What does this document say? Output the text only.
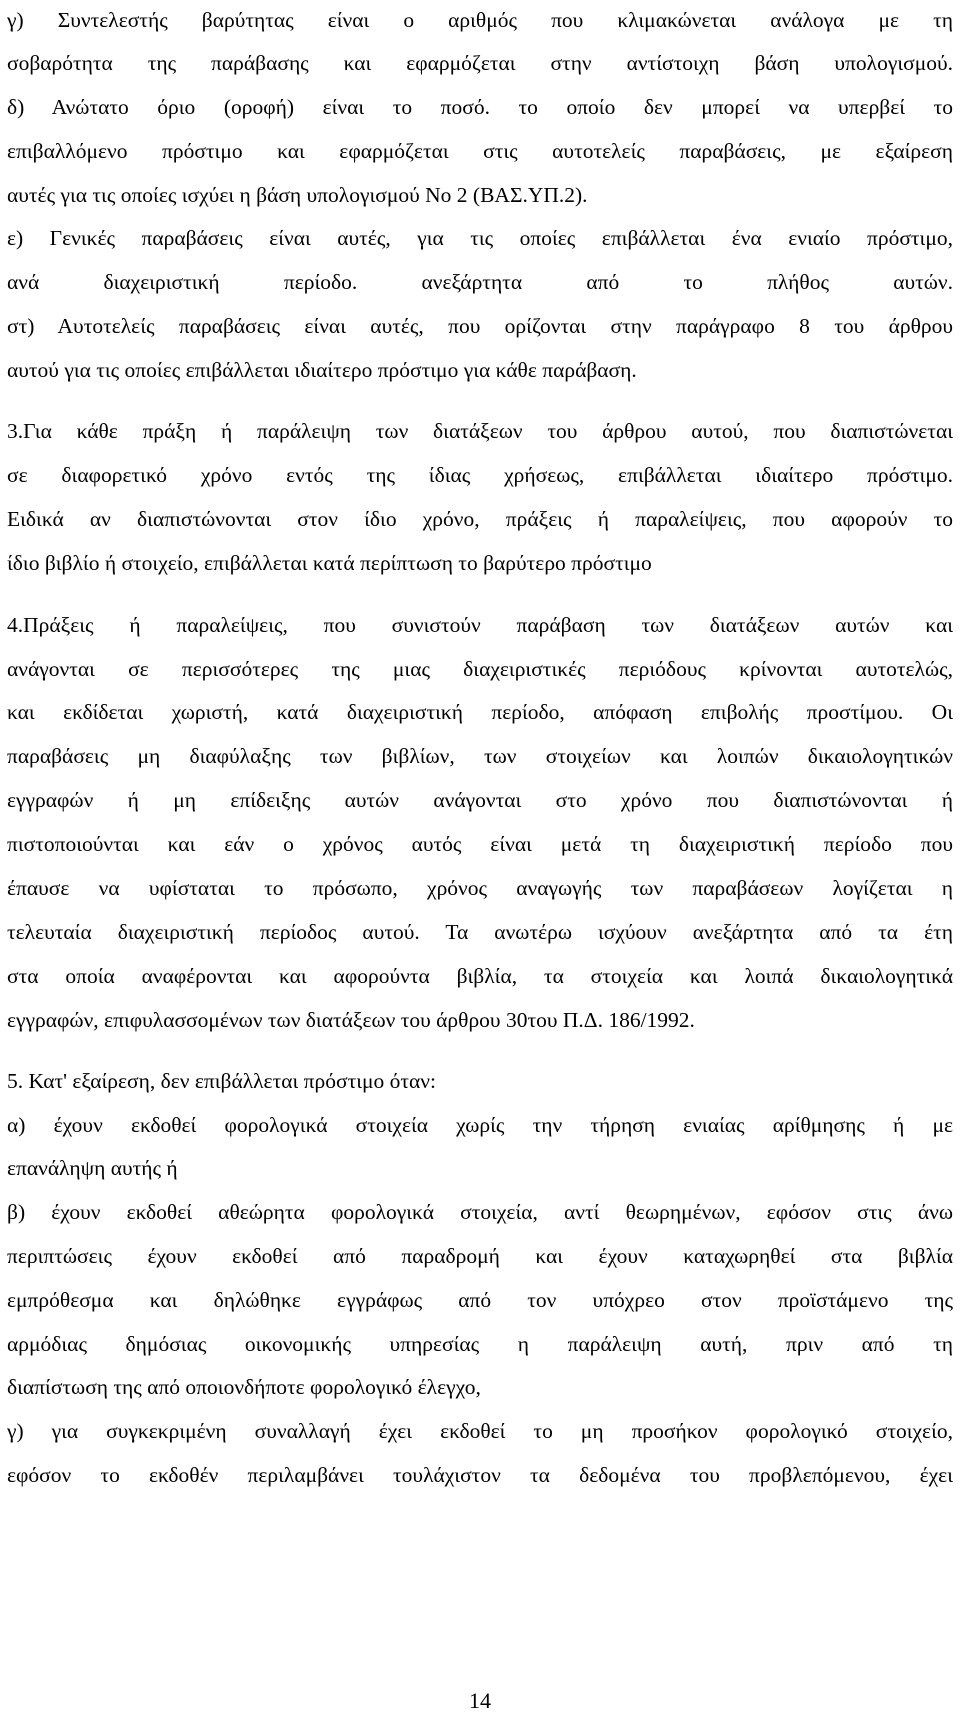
γ) Συντελεστής βαρύτητας είναι ο αριθμός που κλιμακώνεται ανάλογα με τη
σοβαρότητα της παράβασης και εφαρμόζεται στην αντίστοιχη βάση υπολογισμού.
δ) Ανώτατο όριο (οροφή) είναι το ποσό. το οποίο δεν μπορεί να υπερβεί το
επιβαλλόμενο πρόστιμο και εφαρμόζεται στις αυτοτελείς παραβάσεις, με εξαίρεση
αυτές για τις οποίες ισχύει η βάση υπολογισμού Νο 2 (ΒΑΣ.ΥΠ.2).
ε) Γενικές παραβάσεις είναι αυτές, για τις οποίες επιβάλλεται ένα ενιαίο πρόστιμο,
ανά διαχειριστική περίοδο. ανεξάρτητα από το πλήθος αυτών.
στ) Αυτοτελείς παραβάσεις είναι αυτές, που ορίζονται στην παράγραφο 8 του άρθρου
αυτού για τις οποίες επιβάλλεται ιδιαίτερο πρόστιμο για κάθε παράβαση.
3.Για κάθε πράξη ή παράλειψη των διατάξεων του άρθρου αυτού, που διαπιστώνεται
σε διαφορετικό χρόνο εντός της ίδιας χρήσεως, επιβάλλεται ιδιαίτερο πρόστιμο.
Ειδικά αν διαπιστώνονται στον ίδιο χρόνο, πράξεις ή παραλείψεις, που αφορούν το
ίδιο βιβλίο ή στοιχείο, επιβάλλεται κατά περίπτωση το βαρύτερο πρόστιμο
4.Πράξεις ή παραλείψεις, που συνιστούν παράβαση των διατάξεων αυτών και
ανάγονται σε περισσότερες της μιας διαχειριστικές περιόδους κρίνονται αυτοτελώς,
και εκδίδεται χωριστή, κατά διαχειριστική περίοδο, απόφαση επιβολής προστίμου. Οι
παραβάσεις μη διαφύλαξης των βιβλίων, των στοιχείων και λοιπών δικαιολογητικών
εγγραφών ή μη επίδειξης αυτών ανάγονται στο χρόνο που διαπιστώνονται ή
πιστοποιούνται και εάν ο χρόνος αυτός είναι μετά τη διαχειριστική περίοδο που
έπαυσε να υφίσταται το πρόσωπο, χρόνος αναγωγής των παραβάσεων λογίζεται η
τελευταία διαχειριστική περίοδος αυτού. Τα ανωτέρω ισχύουν ανεξάρτητα από τα έτη
στα οποία αναφέρονται και αφορούντα βιβλία, τα στοιχεία και λοιπά δικαιολογητικά
εγγραφών, επιφυλασσομένων των διατάξεων του άρθρου 30του Π.Δ. 186/1992.
5. Κατ' εξαίρεση, δεν επιβάλλεται πρόστιμο όταν:
α) έχουν εκδοθεί φορολογικά στοιχεία χωρίς την τήρηση ενιαίας αρίθμησης ή με
επανάληψη αυτής ή
β) έχουν εκδοθεί αθεώρητα φορολογικά στοιχεία, αντί θεωρημένων, εφόσον στις άνω
περιπτώσεις έχουν εκδοθεί από παραδρομή και έχουν καταχωρηθεί στα βιβλία
εμπρόθεσμα και δηλώθηκε εγγράφως από τον υπόχρεο στον προϊστάμενο της
αρμόδιας δημόσιας οικονομικής υπηρεσίας η παράλειψη αυτή, πριν από τη
διαπίστωση της από οποιονδήποτε φορολογικό έλεγχο,
γ) για συγκεκριμένη συναλλαγή έχει εκδοθεί το μη προσήκον φορολογικό στοιχείο,
εφόσον το εκδοθέν περιλαμβάνει τουλάχιστον τα δεδομένα του προβλεπόμενου, έχει
14
